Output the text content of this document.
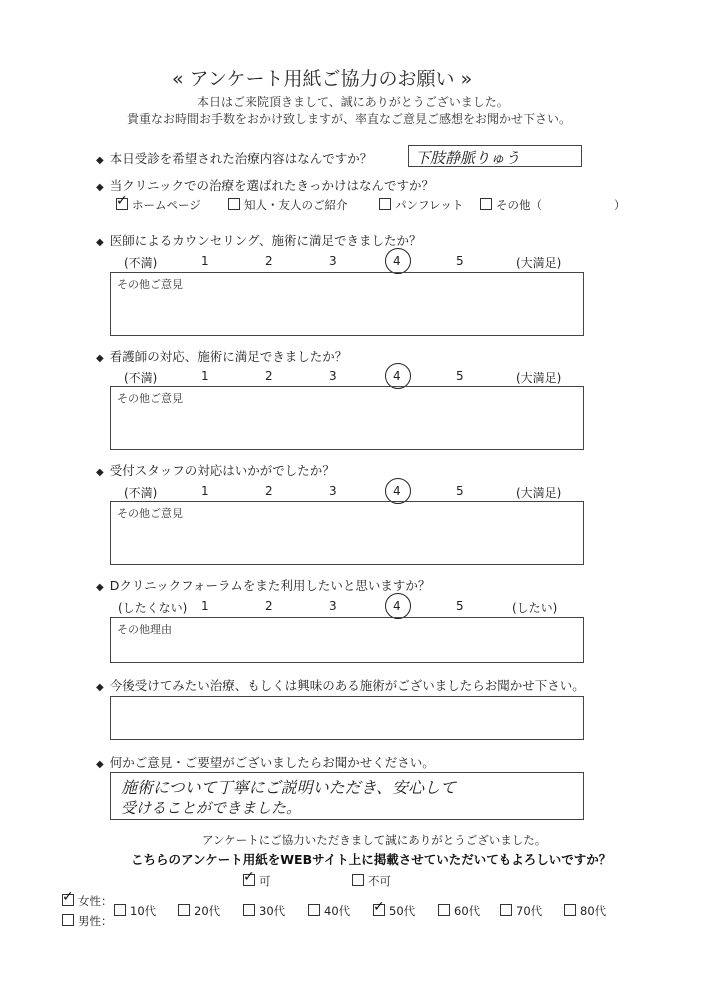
« アンケート用紙ご協力のお願い »
本日はご来院頂きまして、誠にありがとうございました。
貴重なお時間お手数をおかけ致しますが、率直なご意見ご感想をお聞かせ下さい。
◆ 本日受診を希望された治療内容はなんですか？	下肢静脈りゅう
◆ 当クリニックでの治療を選ばれたきっかけはなんですか？
✓ ホームページ	知人・友人のご紹介	パンフレット	その他（	）
◆ 医師によるカウンセリング、施術に満足できましたか？
(不満)	1	2	3	4	5	(大満足)
その他ご意見
◆ 看護師の対応、施術に満足できましたか？
(不満)	1	2	3	4	5	(大満足)
その他ご意見
◆ 受付スタッフの対応はいかがでしたか？
(不満)	1	2	3	4	5	(大満足)
その他ご意見
◆ Dクリニックフォーラムをまた利用したいと思いますか？
(したくない) 1	2	3	4	5	(したい)
その他理由
◆ 今後受けてみたい治療、もしくは興味のある施術がございましたらお聞かせ下さい。
◆ 何かご意見・ご要望がございましたらお聞かせください。
施術について丁寧にご説明いただき、安心して
受けることができました。
アンケートにご協力いただきまして誠にありがとうございました。
こちらのアンケート用紙をWEBサイト上に掲載させていただいてもよろしいですか？
✓ 可	不可
✓ 女性：
男性：
10代	20代	30代	40代 ✓ 50代	60代	70代	80代
